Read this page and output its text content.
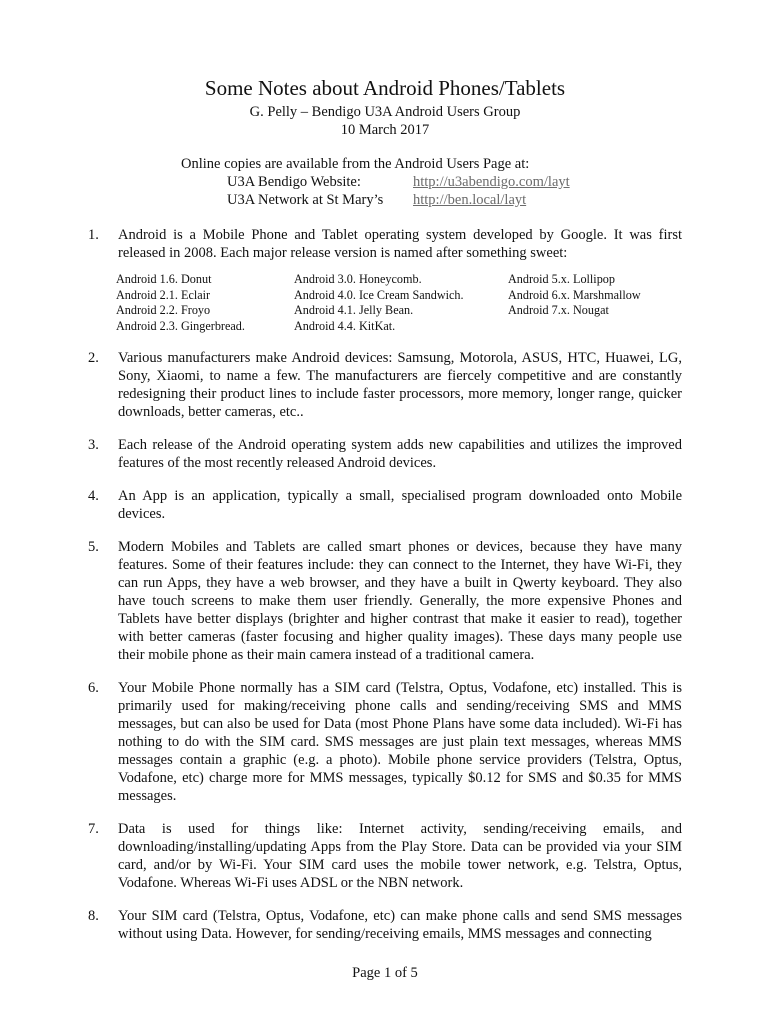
Some Notes about Android Phones/Tablets
G. Pelly – Bendigo U3A Android Users Group
10 March 2017
Online copies are available from the Android Users Page at:
U3A Bendigo Website:	http://u3abendigo.com/layt
U3A Network at St Mary’s	http://ben.local/layt
1. Android is a Mobile Phone and Tablet operating system developed by Google. It was first released in 2008. Each major release version is named after something sweet:
Android 1.6. Donut	Android 3.0. Honeycomb.	Android 5.x. Lollipop
Android 2.1. Eclair	Android 4.0. Ice Cream Sandwich.	Android 6.x. Marshmallow
Android 2.2. Froyo	Android 4.1. Jelly Bean.	Android 7.x. Nougat
Android 2.3. Gingerbread.	Android 4.4. KitKat.
2. Various manufacturers make Android devices: Samsung, Motorola, ASUS, HTC, Huawei, LG, Sony, Xiaomi, to name a few. The manufacturers are fiercely competitive and are constantly redesigning their product lines to include faster processors, more memory, longer range, quicker downloads, better cameras, etc..
3. Each release of the Android operating system adds new capabilities and utilizes the improved features of the most recently released Android devices.
4. An App is an application, typically a small, specialised program downloaded onto Mobile devices.
5. Modern Mobiles and Tablets are called smart phones or devices, because they have many features. Some of their features include: they can connect to the Internet, they have Wi-Fi, they can run Apps, they have a web browser, and they have a built in Qwerty keyboard. They also have touch screens to make them user friendly. Generally, the more expensive Phones and Tablets have better displays (brighter and higher contrast that make it easier to read), together with better cameras (faster focusing and higher quality images). These days many people use their mobile phone as their main camera instead of a traditional camera.
6. Your Mobile Phone normally has a SIM card (Telstra, Optus, Vodafone, etc) installed. This is primarily used for making/receiving phone calls and sending/receiving SMS and MMS messages, but can also be used for Data (most Phone Plans have some data included). Wi-Fi has nothing to do with the SIM card. SMS messages are just plain text messages, whereas MMS messages contain a graphic (e.g. a photo). Mobile phone service providers (Telstra, Optus, Vodafone, etc) charge more for MMS messages, typically $0.12 for SMS and $0.35 for MMS messages.
7. Data is used for things like: Internet activity, sending/receiving emails, and downloading/installing/updating Apps from the Play Store. Data can be provided via your SIM card, and/or by Wi-Fi. Your SIM card uses the mobile tower network, e.g. Telstra, Optus, Vodafone. Whereas Wi-Fi uses ADSL or the NBN network.
8. Your SIM card (Telstra, Optus, Vodafone, etc) can make phone calls and send SMS messages without using Data. However, for sending/receiving emails, MMS messages and connecting
Page 1 of 5
